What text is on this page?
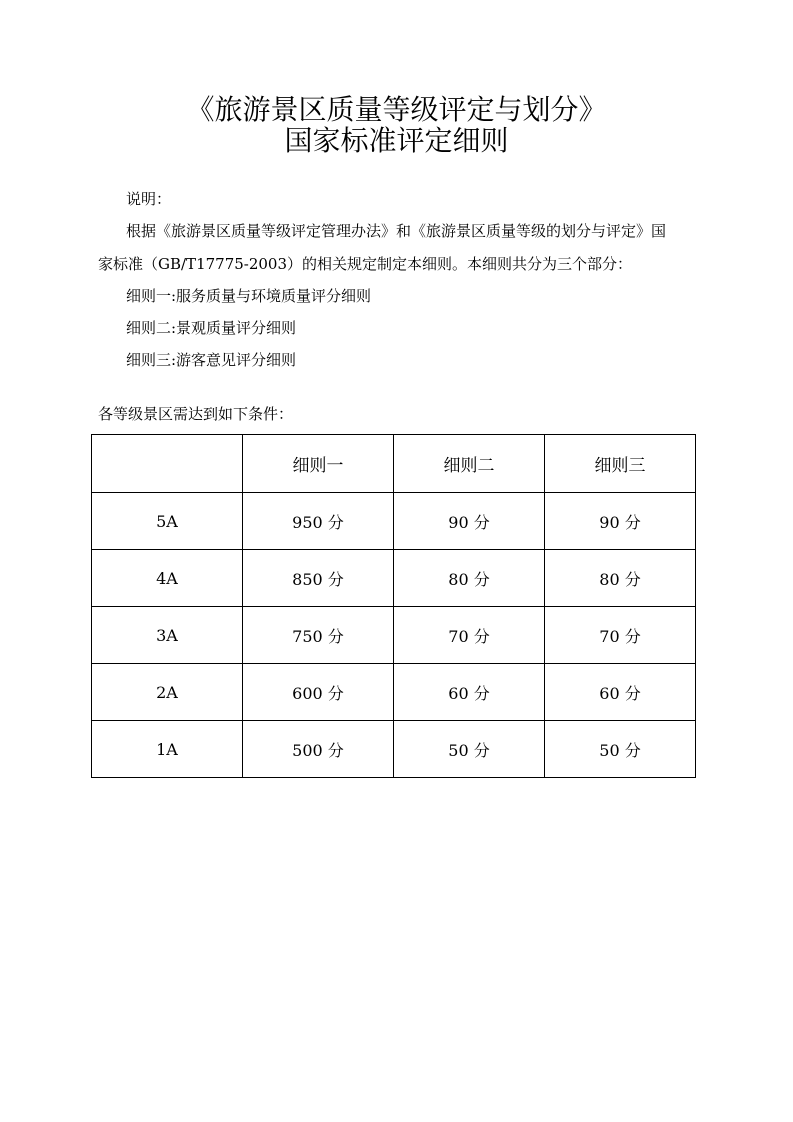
《旅游景区质量等级评定与划分》
国家标准评定细则
说明：
根据《旅游景区质量等级评定管理办法》和《旅游景区质量等级的划分与评定》国
家标准（GB/T17775-2003）的相关规定制定本细则。本细则共分为三个部分：
细则一:服务质量与环境质量评分细则
细则二:景观质量评分细则
细则三:游客意见评分细则
各等级景区需达到如下条件：
	细则一	细则二	细则三
5A	950 分	90 分	90 分
4A	850 分	80 分	80 分
3A	750 分	70 分	70 分
2A	600 分	60 分	60 分
1A	500 分	50 分	50 分
